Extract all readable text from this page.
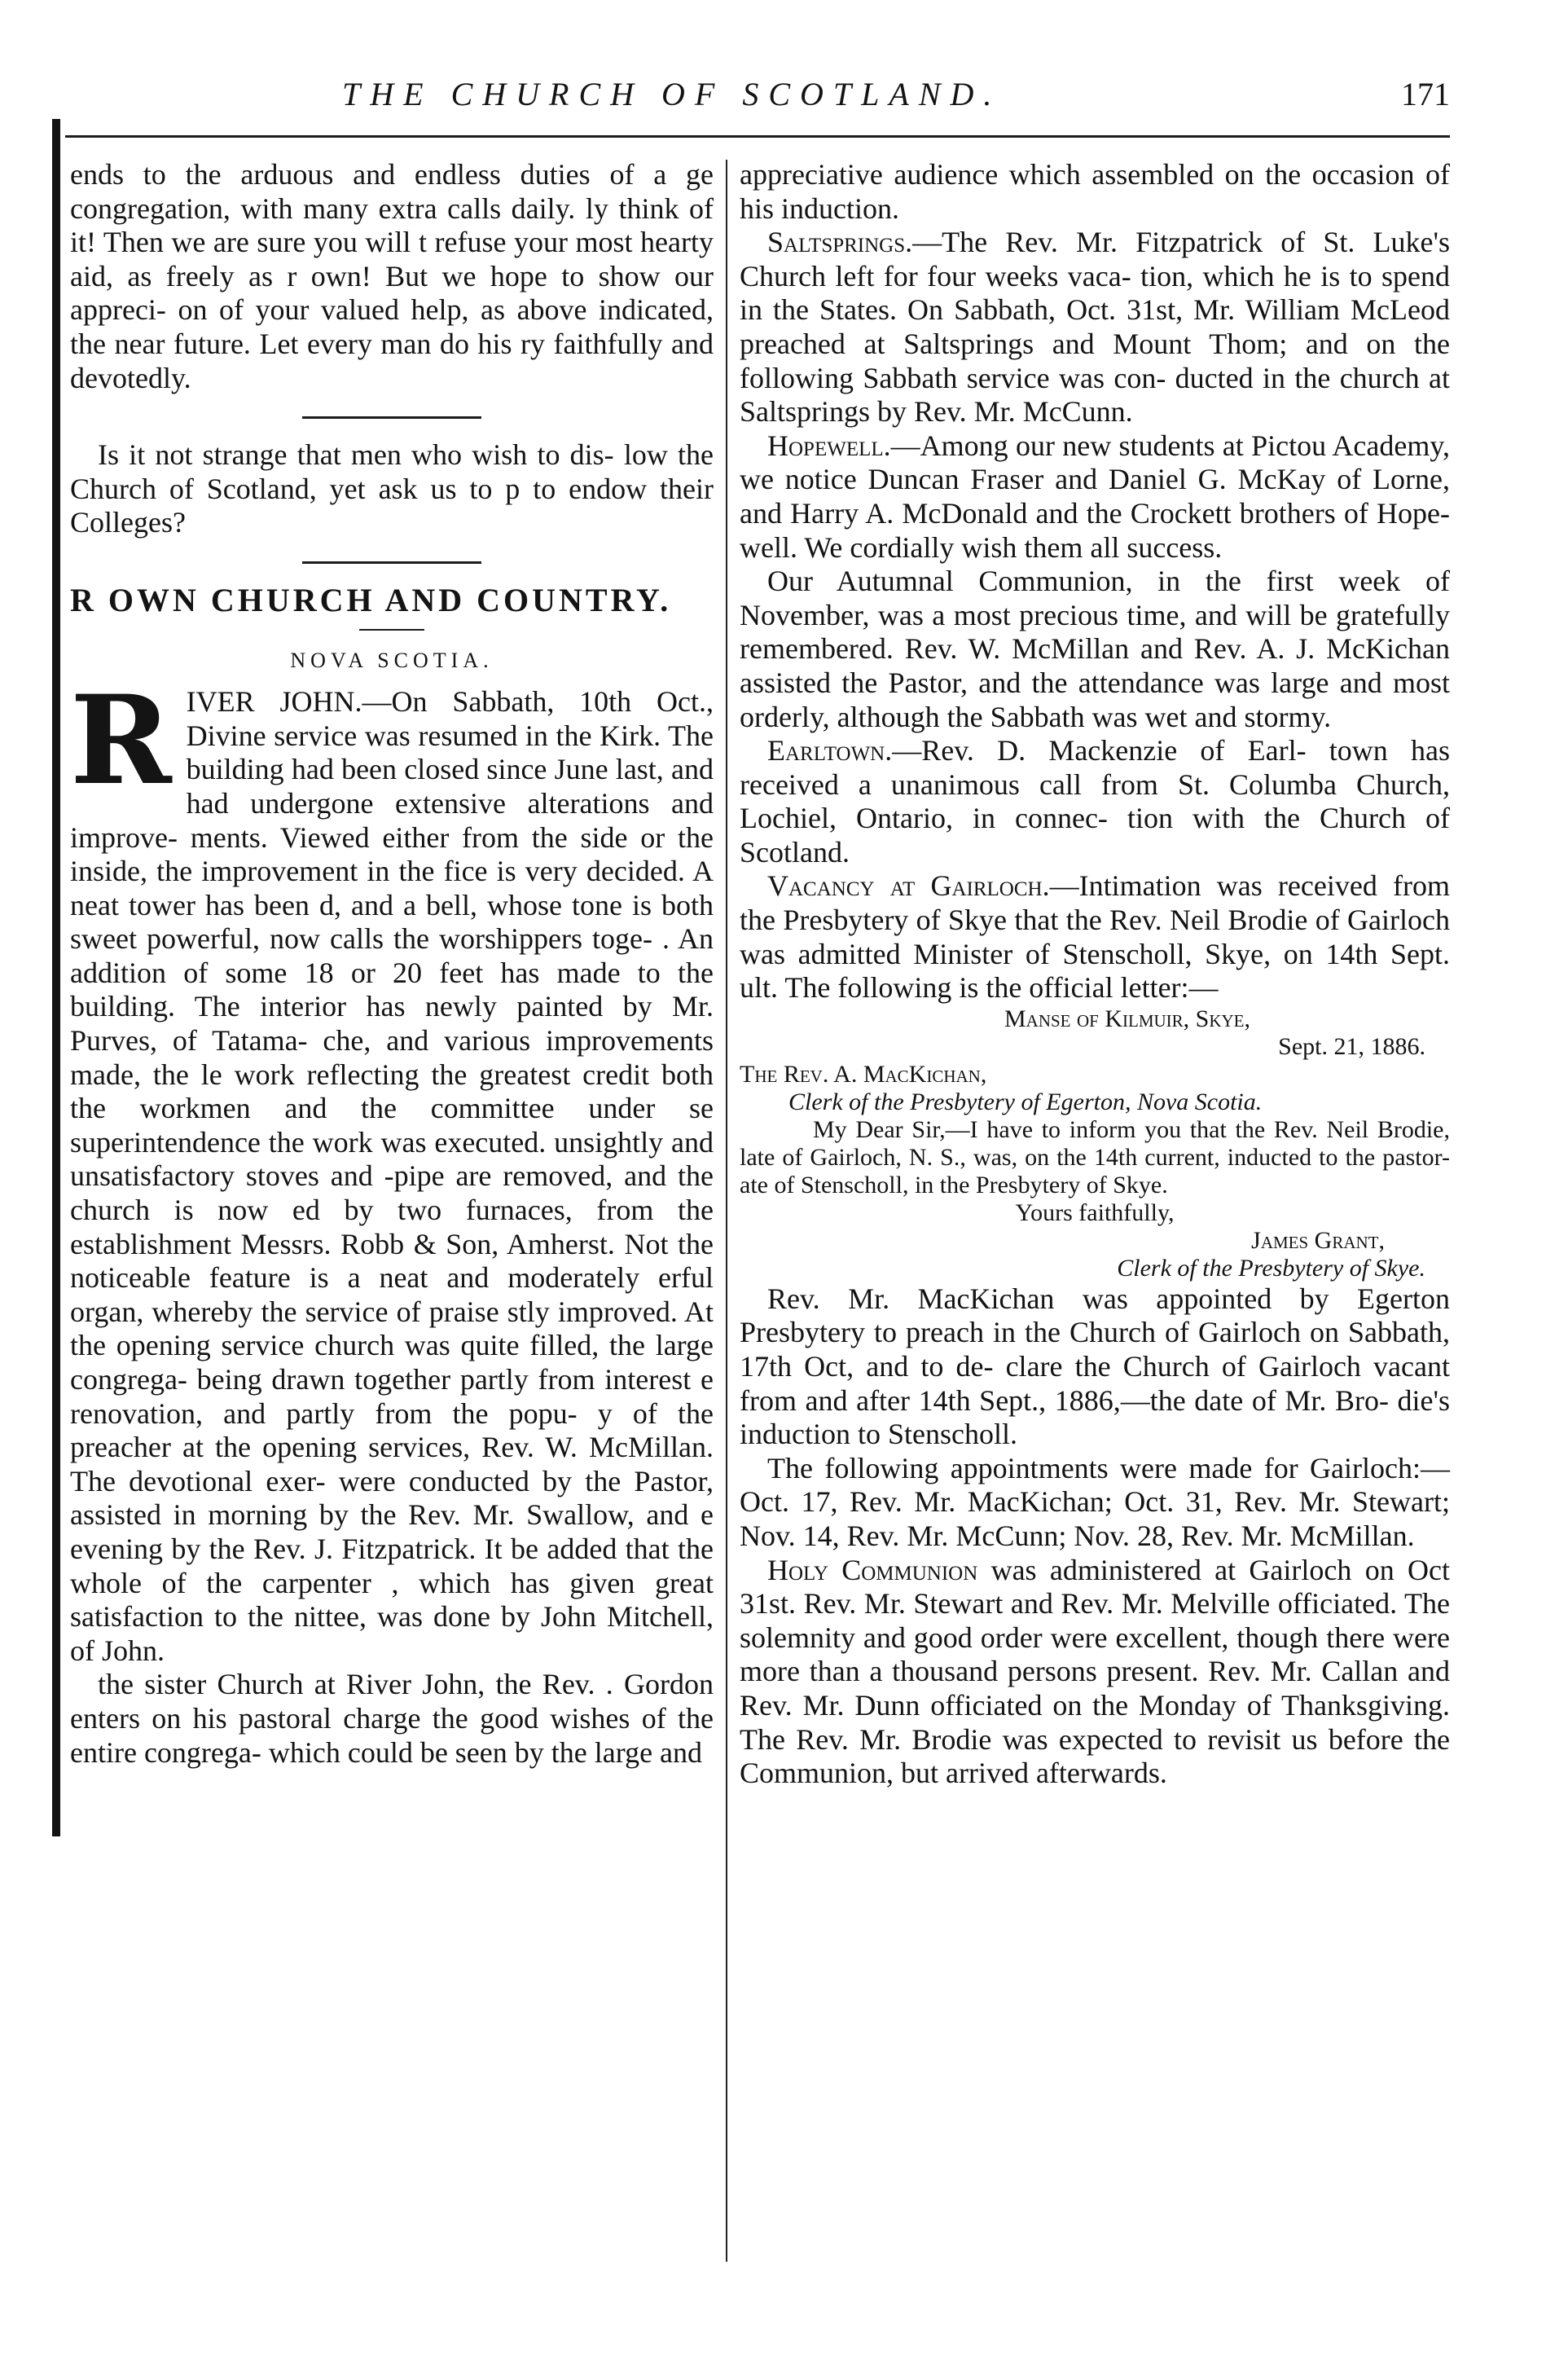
THE CHURCH OF SCOTLAND.	171

ends to the arduous and endless duties of a ge congregation, with many extra calls daily. ly think of it! Then we are sure you will t refuse your most hearty aid, as freely as r own! But we hope to show our appreci- on of your valued help, as above indicated, the near future. Let every man do his ry faithfully and devotedly.

Is it not strange that men who wish to dis- low the Church of Scotland, yet ask us to p to endow their Colleges?

R OWN CHURCH AND COUNTRY.

NOVA SCOTIA.

RIVER JOHN.—On Sabbath, 10th Oct., Divine service was resumed in the Kirk. The building had been closed since June last, and had undergone extensive alterations and improve- ments. Viewed either from the side or the inside, the improvement in the fice is very decided. A neat tower has been d, and a bell, whose tone is both sweet powerful, now calls the worshippers toge- . An addition of some 18 or 20 feet has made to the building. The interior has newly painted by Mr. Purves, of Tatama- che, and various improvements made, the le work reflecting the greatest credit both the workmen and the committee under se superintendence the work was executed. unsightly and unsatisfactory stoves and -pipe are removed, and the church is now ed by two furnaces, from the establishment Messrs. Robb & Son, Amherst. Not the noticeable feature is a neat and moderately erful organ, whereby the service of praise stly improved. At the opening service church was quite filled, the large congrega- being drawn together partly from interest e renovation, and partly from the popu- y of the preacher at the opening services, Rev. W. McMillan. The devotional exer- were conducted by the Pastor, assisted in morning by the Rev. Mr. Swallow, and e evening by the Rev. J. Fitzpatrick. It be added that the whole of the carpenter , which has given great satisfaction to the nittee, was done by John Mitchell, of John.

the sister Church at River John, the Rev. . Gordon enters on his pastoral charge the good wishes of the entire congrega- which could be seen by the large and

appreciative audience which assembled on the occasion of his induction.

Saltsprings.—The Rev. Mr. Fitzpatrick of St. Luke's Church left for four weeks vaca- tion, which he is to spend in the States. On Sabbath, Oct. 31st, Mr. William McLeod preached at Saltsprings and Mount Thom; and on the following Sabbath service was con- ducted in the church at Saltsprings by Rev. Mr. McCunn.

Hopewell.—Among our new students at Pictou Academy, we notice Duncan Fraser and Daniel G. McKay of Lorne, and Harry A. McDonald and the Crockett brothers of Hope- well. We cordially wish them all success.

Our Autumnal Communion, in the first week of November, was a most precious time, and will be gratefully remembered. Rev. W. McMillan and Rev. A. J. McKichan assisted the Pastor, and the attendance was large and most orderly, although the Sabbath was wet and stormy.

Earltown.—Rev. D. Mackenzie of Earl- town has received a unanimous call from St. Columba Church, Lochiel, Ontario, in connec- tion with the Church of Scotland.

Vacancy at Gairloch.—Intimation was received from the Presbytery of Skye that the Rev. Neil Brodie of Gairloch was admitted Minister of Stenscholl, Skye, on 14th Sept. ult. The following is the official letter:—

Manse of Kilmuir, Skye,

Sept. 21, 1886.

The Rev. A. MacKichan,

Clerk of the Presbytery of Egerton, Nova Scotia.

My Dear Sir,—I have to inform you that the Rev. Neil Brodie, late of Gairloch, N. S., was, on the 14th current, inducted to the pastor- ate of Stenscholl, in the Presbytery of Skye.

Yours faithfully,

James Grant,

Clerk of the Presbytery of Skye.

Rev. Mr. MacKichan was appointed by Egerton Presbytery to preach in the Church of Gairloch on Sabbath, 17th Oct, and to de- clare the Church of Gairloch vacant from and after 14th Sept., 1886,—the date of Mr. Bro- die's induction to Stenscholl.

The following appointments were made for Gairloch:—Oct. 17, Rev. Mr. MacKichan; Oct. 31, Rev. Mr. Stewart; Nov. 14, Rev. Mr. McCunn; Nov. 28, Rev. Mr. McMillan.

Holy Communion was administered at Gairloch on Oct 31st. Rev. Mr. Stewart and Rev. Mr. Melville officiated. The solemnity and good order were excellent, though there were more than a thousand persons present. Rev. Mr. Callan and Rev. Mr. Dunn officiated on the Monday of Thanksgiving. The Rev. Mr. Brodie was expected to revisit us before the Communion, but arrived afterwards.
